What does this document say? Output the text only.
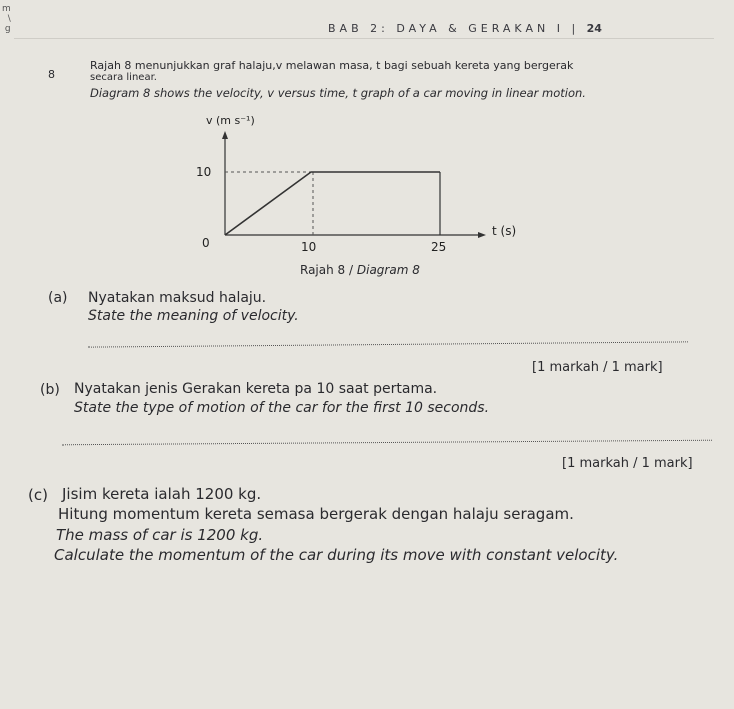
m
\
g	BAB 2: DAYA & GERAKAN I | 24
8
Rajah 8 menunjukkan graf halaju,v melawan masa, t bagi sebuah kereta yang bergerak
secara linear.
Diagram 8 shows the velocity, v versus time, t graph of a car moving in linear motion.
v (m s⁻¹)
t (s)
10
0	10	25
Rajah 8 / Diagram 8
(a) Nyatakan maksud halaju.
State the meaning of velocity.
[1 markah / 1 mark]
(b) Nyatakan jenis Gerakan kereta pa 10 saat pertama.
State the type of motion of the car for the first 10 seconds.
[1 markah / 1 mark]
(c) Jisim kereta ialah 1200 kg.
Hitung momentum kereta semasa bergerak dengan halaju seragam.
The mass of car is 1200 kg.
Calculate the momentum of the car during its move with constant velocity.
